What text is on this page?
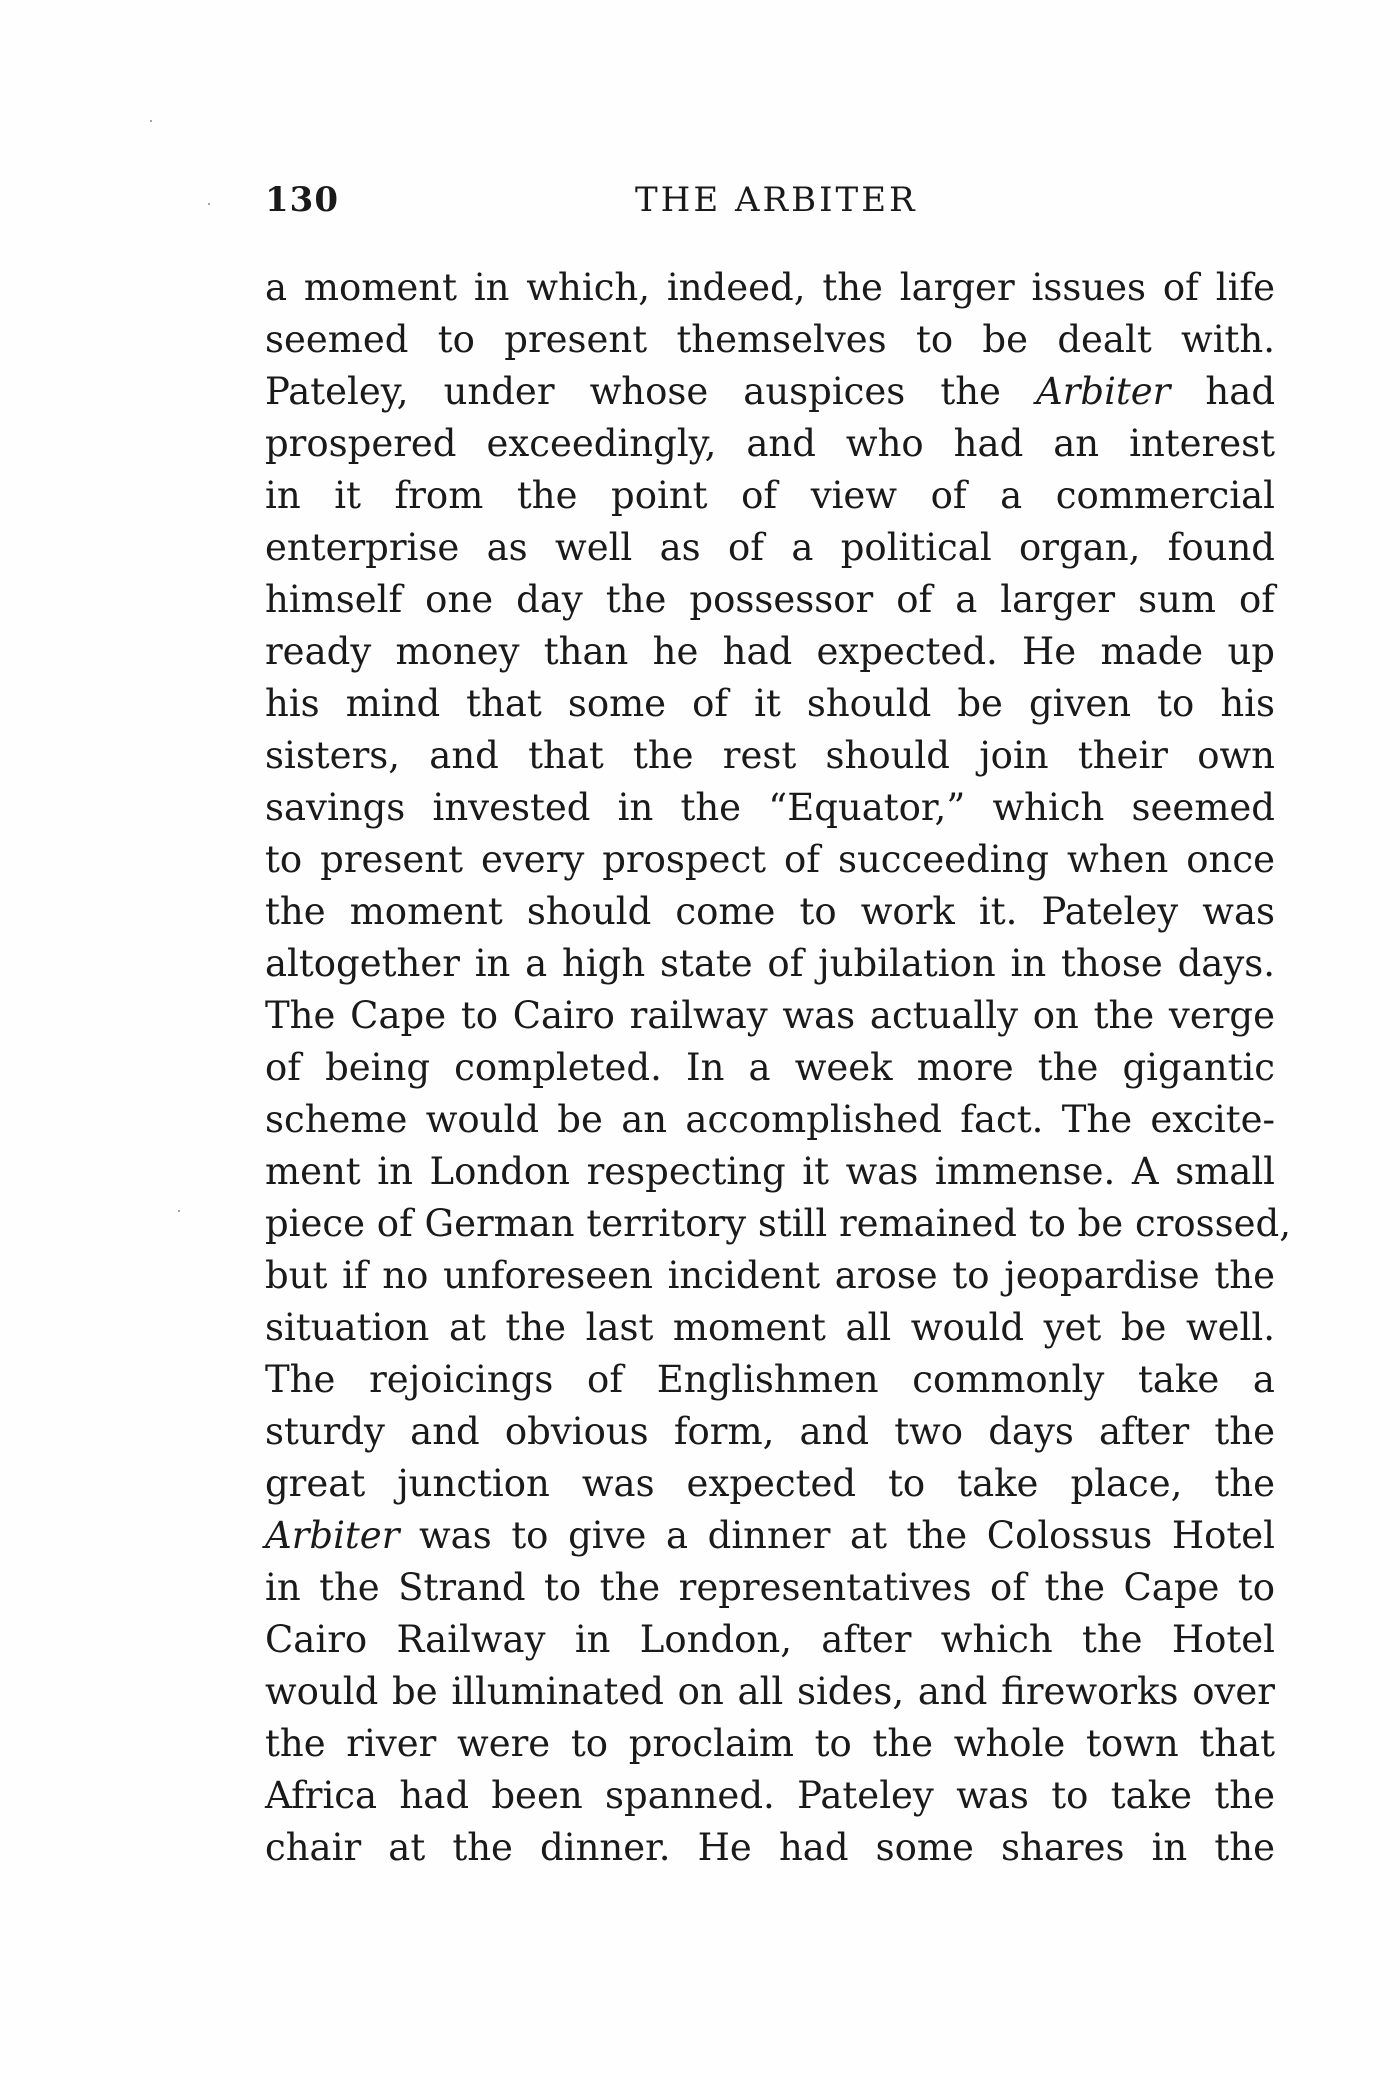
130	THE ARBITER
a moment in which, indeed, the larger issues of life
seemed to present themselves to be dealt with.
Pateley, under whose auspices the Arbiter had
prospered exceedingly, and who had an interest
in it from the point of view of a commercial
enterprise as well as of a political organ, found
himself one day the possessor of a larger sum of
ready money than he had expected. He made up
his mind that some of it should be given to his
sisters, and that the rest should join their own
savings invested in the “Equator,” which seemed
to present every prospect of succeeding when once
the moment should come to work it. Pateley was
altogether in a high state of jubilation in those days.
The Cape to Cairo railway was actually on the verge
of being completed. In a week more the gigantic
scheme would be an accomplished fact. The excite-
ment in London respecting it was immense. A small
piece of German territory still remained to be crossed,
but if no unforeseen incident arose to jeopardise the
situation at the last moment all would yet be well.
The rejoicings of Englishmen commonly take a
sturdy and obvious form, and two days after the
great junction was expected to take place, the
Arbiter was to give a dinner at the Colossus Hotel
in the Strand to the representatives of the Cape to
Cairo Railway in London, after which the Hotel
would be illuminated on all sides, and fireworks over
the river were to proclaim to the whole town that
Africa had been spanned. Pateley was to take the
chair at the dinner. He had some shares in the
